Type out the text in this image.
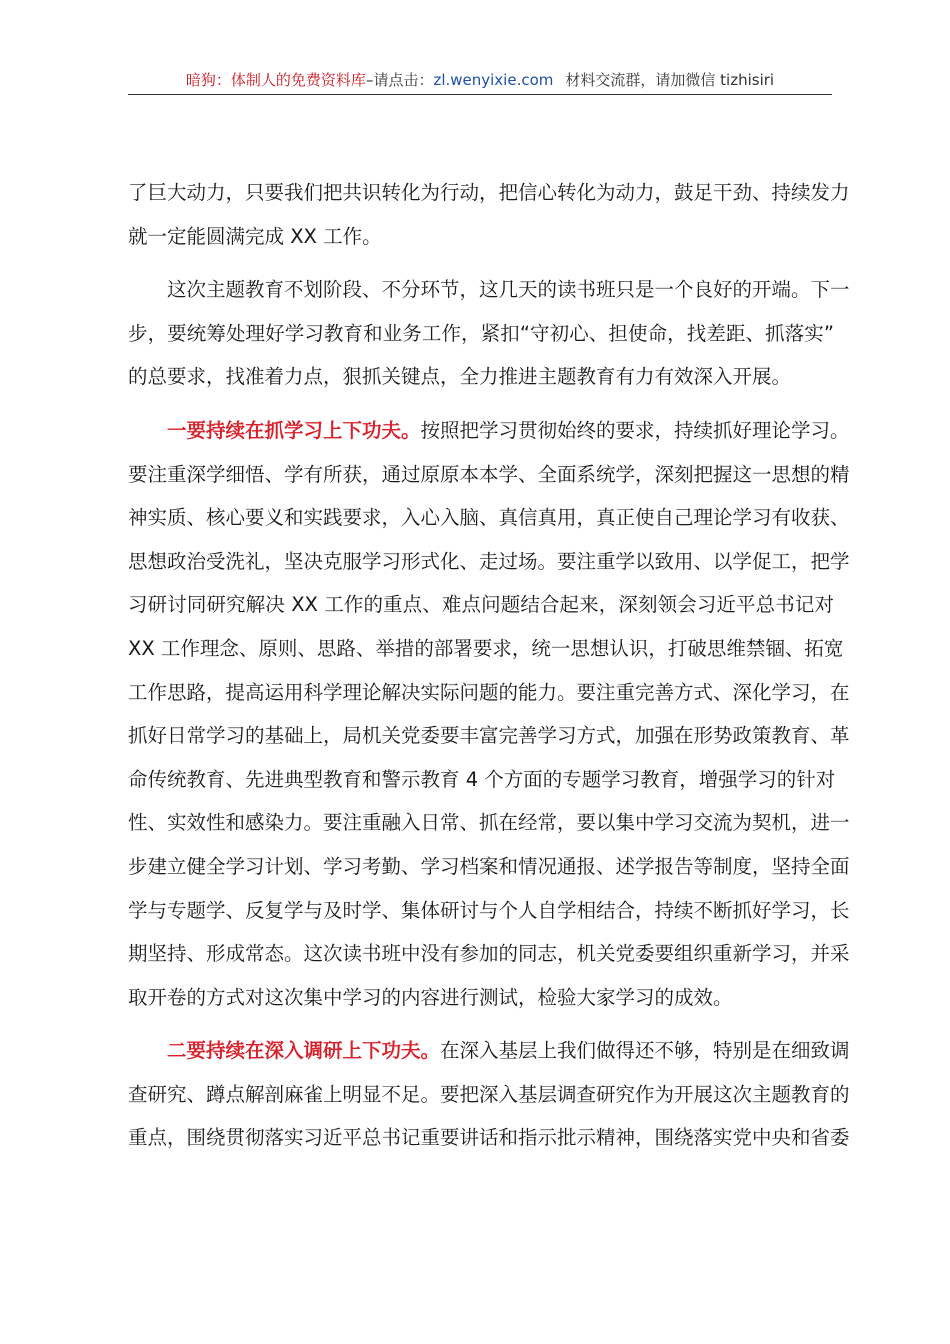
暗狗：体制人的免费资料库–请点击：zl.wenyixie.com 材料交流群，请加微信 tizhisiri
了巨大动力，只要我们把共识转化为行动，把信心转化为动力，鼓足干劲、持续发力
就一定能圆满完成 XX 工作。
这次主题教育不划阶段、不分环节，这几天的读书班只是一个良好的开端。下一
步，要统筹处理好学习教育和业务工作，紧扣“守初心、担使命，找差距、抓落实”
的总要求，找准着力点，狠抓关键点，全力推进主题教育有力有效深入开展。
一要持续在抓学习上下功夫。按照把学习贯彻始终的要求，持续抓好理论学习。
要注重深学细悟、学有所获，通过原原本本学、全面系统学，深刻把握这一思想的精
神实质、核心要义和实践要求，入心入脑、真信真用，真正使自己理论学习有收获、
思想政治受洗礼，坚决克服学习形式化、走过场。要注重学以致用、以学促工，把学
习研讨同研究解决 XX 工作的重点、难点问题结合起来，深刻领会习近平总书记对
XX 工作理念、原则、思路、举措的部署要求，统一思想认识，打破思维禁锢、拓宽
工作思路，提高运用科学理论解决实际问题的能力。要注重完善方式、深化学习，在
抓好日常学习的基础上，局机关党委要丰富完善学习方式，加强在形势政策教育、革
命传统教育、先进典型教育和警示教育 4 个方面的专题学习教育，增强学习的针对
性、实效性和感染力。要注重融入日常、抓在经常，要以集中学习交流为契机，进一
步建立健全学习计划、学习考勤、学习档案和情况通报、述学报告等制度，坚持全面
学与专题学、反复学与及时学、集体研讨与个人自学相结合，持续不断抓好学习，长
期坚持、形成常态。这次读书班中没有参加的同志，机关党委要组织重新学习，并采
取开卷的方式对这次集中学习的内容进行测试，检验大家学习的成效。
二要持续在深入调研上下功夫。在深入基层上我们做得还不够，特别是在细致调
查研究、蹲点解剖麻雀上明显不足。要把深入基层调查研究作为开展这次主题教育的
重点，围绕贯彻落实习近平总书记重要讲话和指示批示精神，围绕落实党中央和省委
